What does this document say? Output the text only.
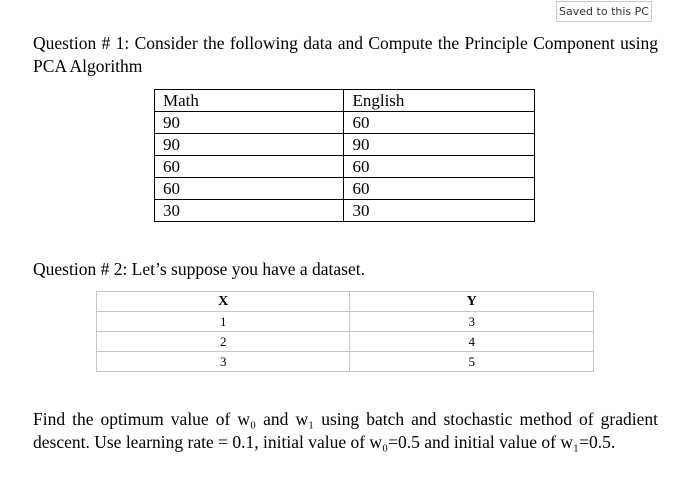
Saved to this PC
Question # 1: Consider the following data and Compute the Principle Component using PCA Algorithm
Math	English
90	60
90	90
60	60
60	60
30	30
Question # 2: Let’s suppose you have a dataset.
X	Y
1	3
2	4
3	5
Find the optimum value of w₀ and w₁ using batch and stochastic method of gradient descent. Use learning rate = 0.1, initial value of w₀=0.5 and initial value of w₁=0.5.
